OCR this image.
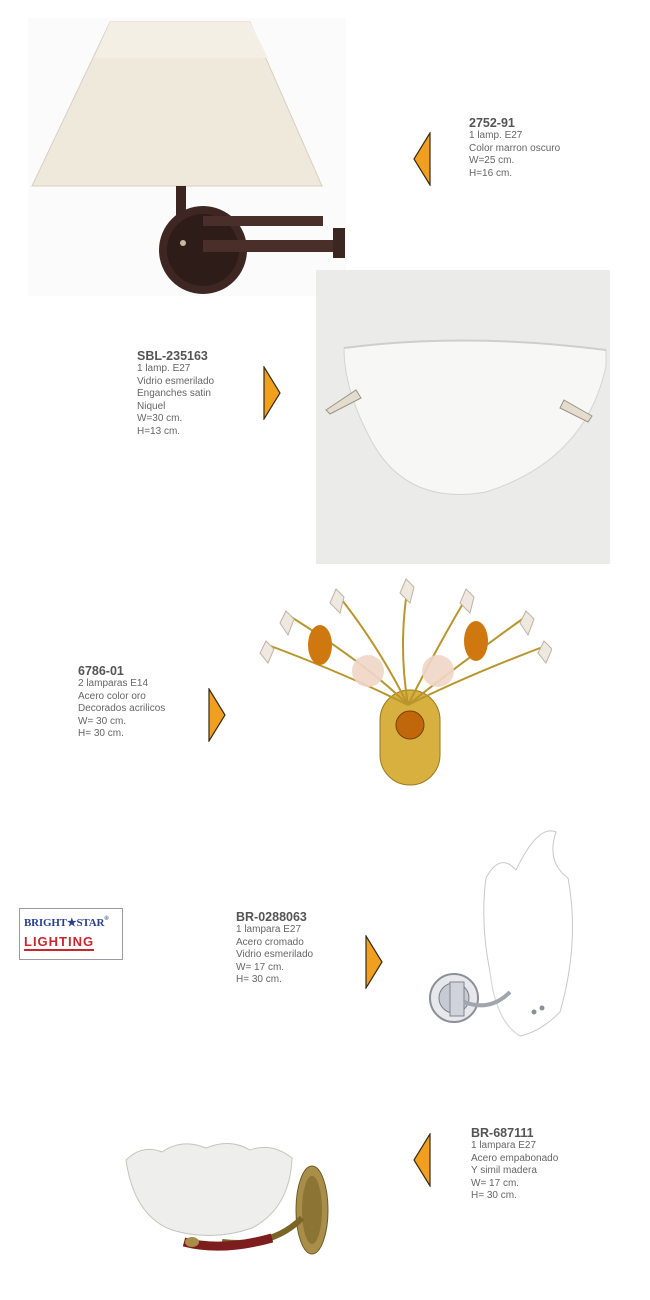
2752-91
1 lamp. E27
Color marron oscuro
W=25 cm.
H=16 cm.
SBL-235163
1 lamp. E27
Vidrio esmerilado
Enganches satin
Niquel
W=30 cm.
H=13 cm.
6786-01
2 lamparas E14
Acero color oro
Decorados acrilicos
W= 30 cm.
H= 30 cm.
BRIGHT★STAR®
LIGHTING
BR-0288063
1 lampara E27
Acero cromado
Vidrio esmerilado
W= 17 cm.
H= 30 cm.
BR-687111
1 lampara E27
Acero empabonado
Y simil madera
W= 17 cm.
H= 30 cm.
